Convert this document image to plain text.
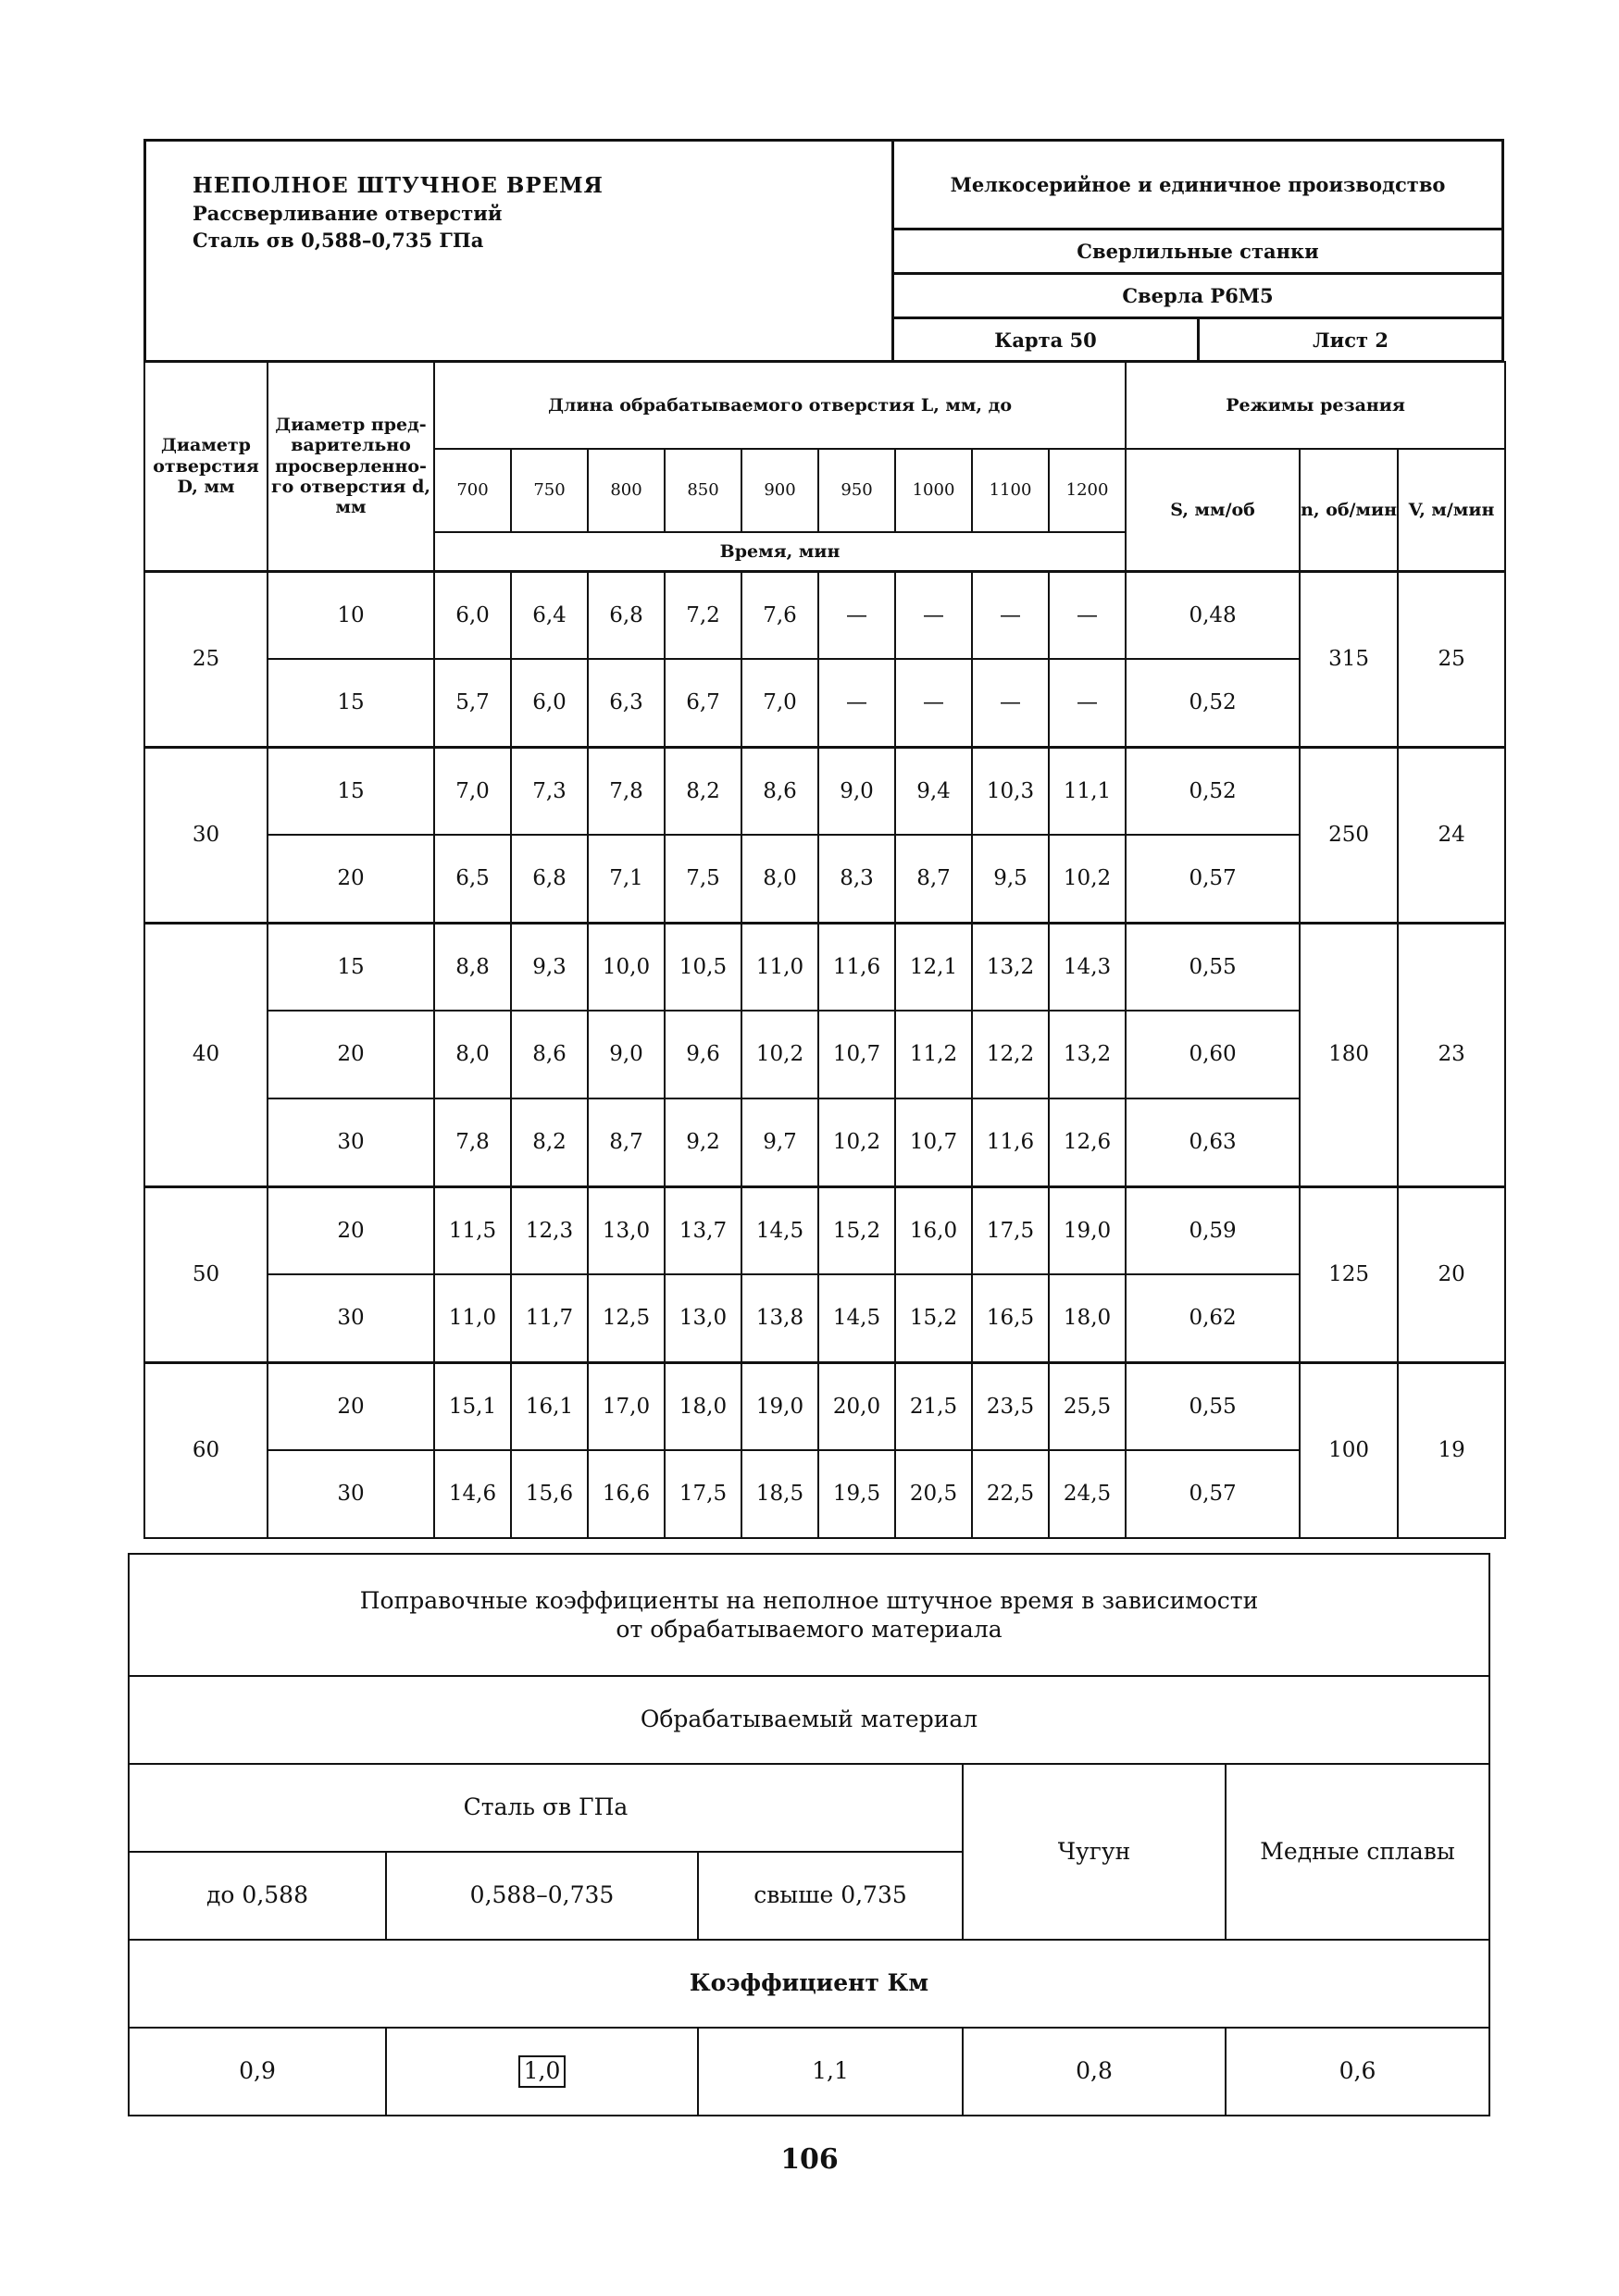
НЕПОЛНОЕ ШТУЧНОЕ ВРЕМЯ
Рассверливание отверстий
Сталь σв 0,588–0,735 ГПа
Мелкосерийное и единичное производство
Сверлильные станки
Сверла Р6М5
Карта 50	Лист 2
Диаметр отверстия D, мм	Диаметр пред-варительно просверленно-го отверстия d, мм	Длина обрабатываемого отверстия L, мм, до									Режимы резания		
		700	750	800	850	900	950	1000	1100	1200	S, мм/об	n, об/мин	V, м/мин
		Время, мин											
25	10	6,0	6,4	6,8	7,2	7,6	—	—	—	—	0,48	315	25
	15	5,7	6,0	6,3	6,7	7,0	—	—	—	—	0,52		
30	15	7,0	7,3	7,8	8,2	8,6	9,0	9,4	10,3	11,1	0,52	250	24
	20	6,5	6,8	7,1	7,5	8,0	8,3	8,7	9,5	10,2	0,57		
40	15	8,8	9,3	10,0	10,5	11,0	11,6	12,1	13,2	14,3	0,55	180	23
	20	8,0	8,6	9,0	9,6	10,2	10,7	11,2	12,2	13,2	0,60		
	30	7,8	8,2	8,7	9,2	9,7	10,2	10,7	11,6	12,6	0,63		
50	20	11,5	12,3	13,0	13,7	14,5	15,2	16,0	17,5	19,0	0,59	125	20
	30	11,0	11,7	12,5	13,0	13,8	14,5	15,2	16,5	18,0	0,62		
60	20	15,1	16,1	17,0	18,0	19,0	20,0	21,5	23,5	25,5	0,55	100	19
	30	14,6	15,6	16,6	17,5	18,5	19,5	20,5	22,5	24,5	0,57		
Поправочные коэффициенты на неполное штучное время в зависимости
от обрабатываемого материала				

Обрабатываемый материал				
Сталь σв ГПа			Чугун	Медные сплавы
до 0,588	0,588–0,735	свыше 0,735		
Коэффициент Км				
0,9	1,0	1,1	0,8	0,6
106
